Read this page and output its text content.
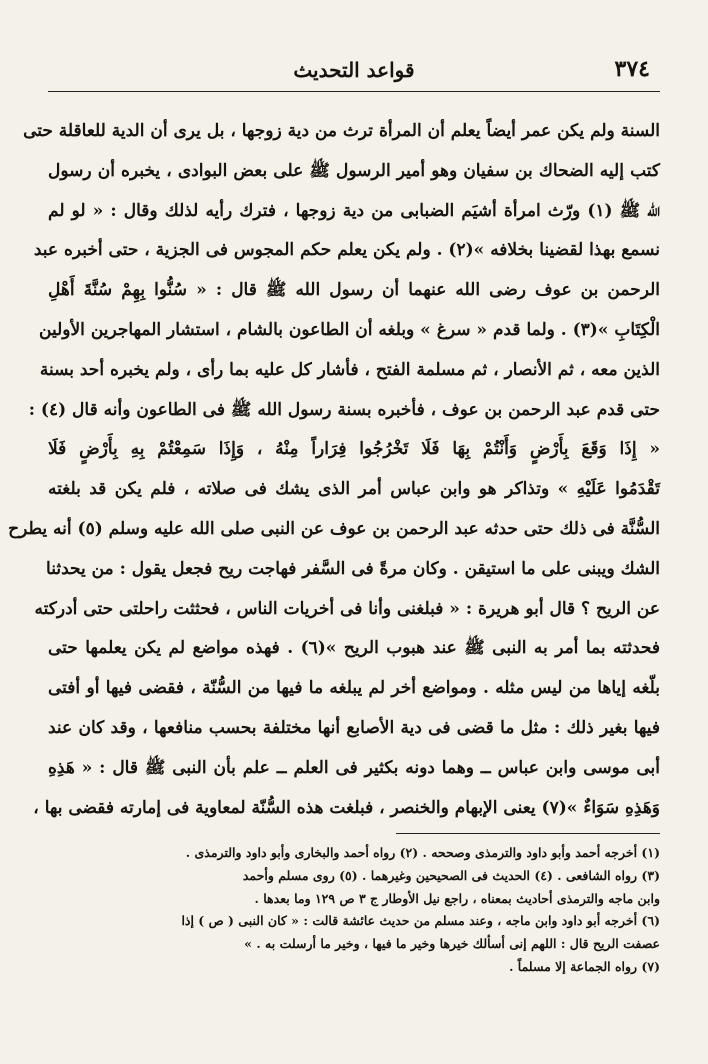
٣٧٤
قواعد التحديث
السنة ولم يكن عمر أيضاً يعلم أن المرأة ترث من دية زوجها ، بل يرى أن الدية للعاقلة حتى
كتب إليه الضحاك بن سفيان وهو أمير الرسول ﷺ على بعض البوادى ، يخبره أن رسول
الله ﷺ (١) ورّث امرأة أشيَم الضبابى من دية زوجها ، فترك رأيه لذلك وقال : « لو لم
نسمع بهذا لقضينا بخلافه »(٢) . ولم يكن يعلم حكم المجوس فى الجزية ، حتى أخبره عبد
الرحمن بن عوف رضى الله عنهما أن رسول الله ﷺ قال : « سُنُّوا بِهِمْ سُنَّةَ أَهْلِ
الْكِتَابِ »(٣) . ولما قدم « سرغ » وبلغه أن الطاعون بالشام ، استشار المهاجرين الأولين
الذين معه ، ثم الأنصار ، ثم مسلمة الفتح ، فأشار كل عليه بما رأى ، ولم يخبره أحد بسنة
حتى قدم عبد الرحمن بن عوف ، فأخبره بسنة رسول الله ﷺ فى الطاعون وأنه قال (٤) :
« إِذَا وَقَعَ بِأَرْضٍ وَأَنْتُمْ بِهَا فَلَا تَخْرُجُوا فِرَاراً مِنْهُ ، وَإِذَا سَمِعْتُمْ بِهِ بِأَرْضٍ فَلَا
تَقْدَمُوا عَلَيْهِ » وتذاكر هو وابن عباس أمر الذى يشك فى صلاته ، فلم يكن قد بلغته
السُّنَّة فى ذلك حتى حدثه عبد الرحمن بن عوف عن النبى صلى الله عليه وسلم (٥) أنه يطرح
الشك ويبنى على ما استيقن . وكان مرةً فى السَّفر فهاجت ريح فجعل يقول : من يحدثنا
عن الريح ؟ قال أبو هريرة : « فبلغنى وأنا فى أخريات الناس ، فحثثت راحلتى حتى أدركته
فحدثته بما أمر به النبى ﷺ عند هبوب الريح »(٦) . فهذه مواضع لم يكن يعلمها حتى
بلّغه إياها من ليس مثله . ومواضع أخر لم يبلغه ما فيها من السُّنّة ، فقضى فيها أو أفتى
فيها بغير ذلك : مثل ما قضى فى دية الأصابع أنها مختلفة بحسب منافعها ، وقد كان عند
أبى موسى وابن عباس ــ وهما دونه بكثير فى العلم ــ علم بأن النبى ﷺ قال : « هَذِهِ
وَهَذِهِ سَوَاءٌ »(٧) يعنى الإبهام والخنصر ، فبلغت هذه السُّنّة لمعاوية فى إمارته فقضى بها ،
(١) أخرجه أحمد وأبو داود والترمذى وصححه . (٢) رواه أحمد والبخارى وأبو داود والترمذى .
(٣) رواه الشافعى . (٤) الحديث فى الصحيحين وغيرهما . (٥) روى مسلم وأحمد
وابن ماجه والترمذى أحاديث بمعناه ، راجع نيل الأوطار ج ٣ ص ١٢٩ وما بعدها .
(٦) أخرجه أبو داود وابن ماجه ، وعند مسلم من حديث عائشة قالت : « كان النبى ( ص ) إذا
عصفت الريح قال : اللهم إنى أسألك خيرها وخير ما فيها ، وخير ما أرسلت به . »
(٧) رواه الجماعة إلا مسلماً .
